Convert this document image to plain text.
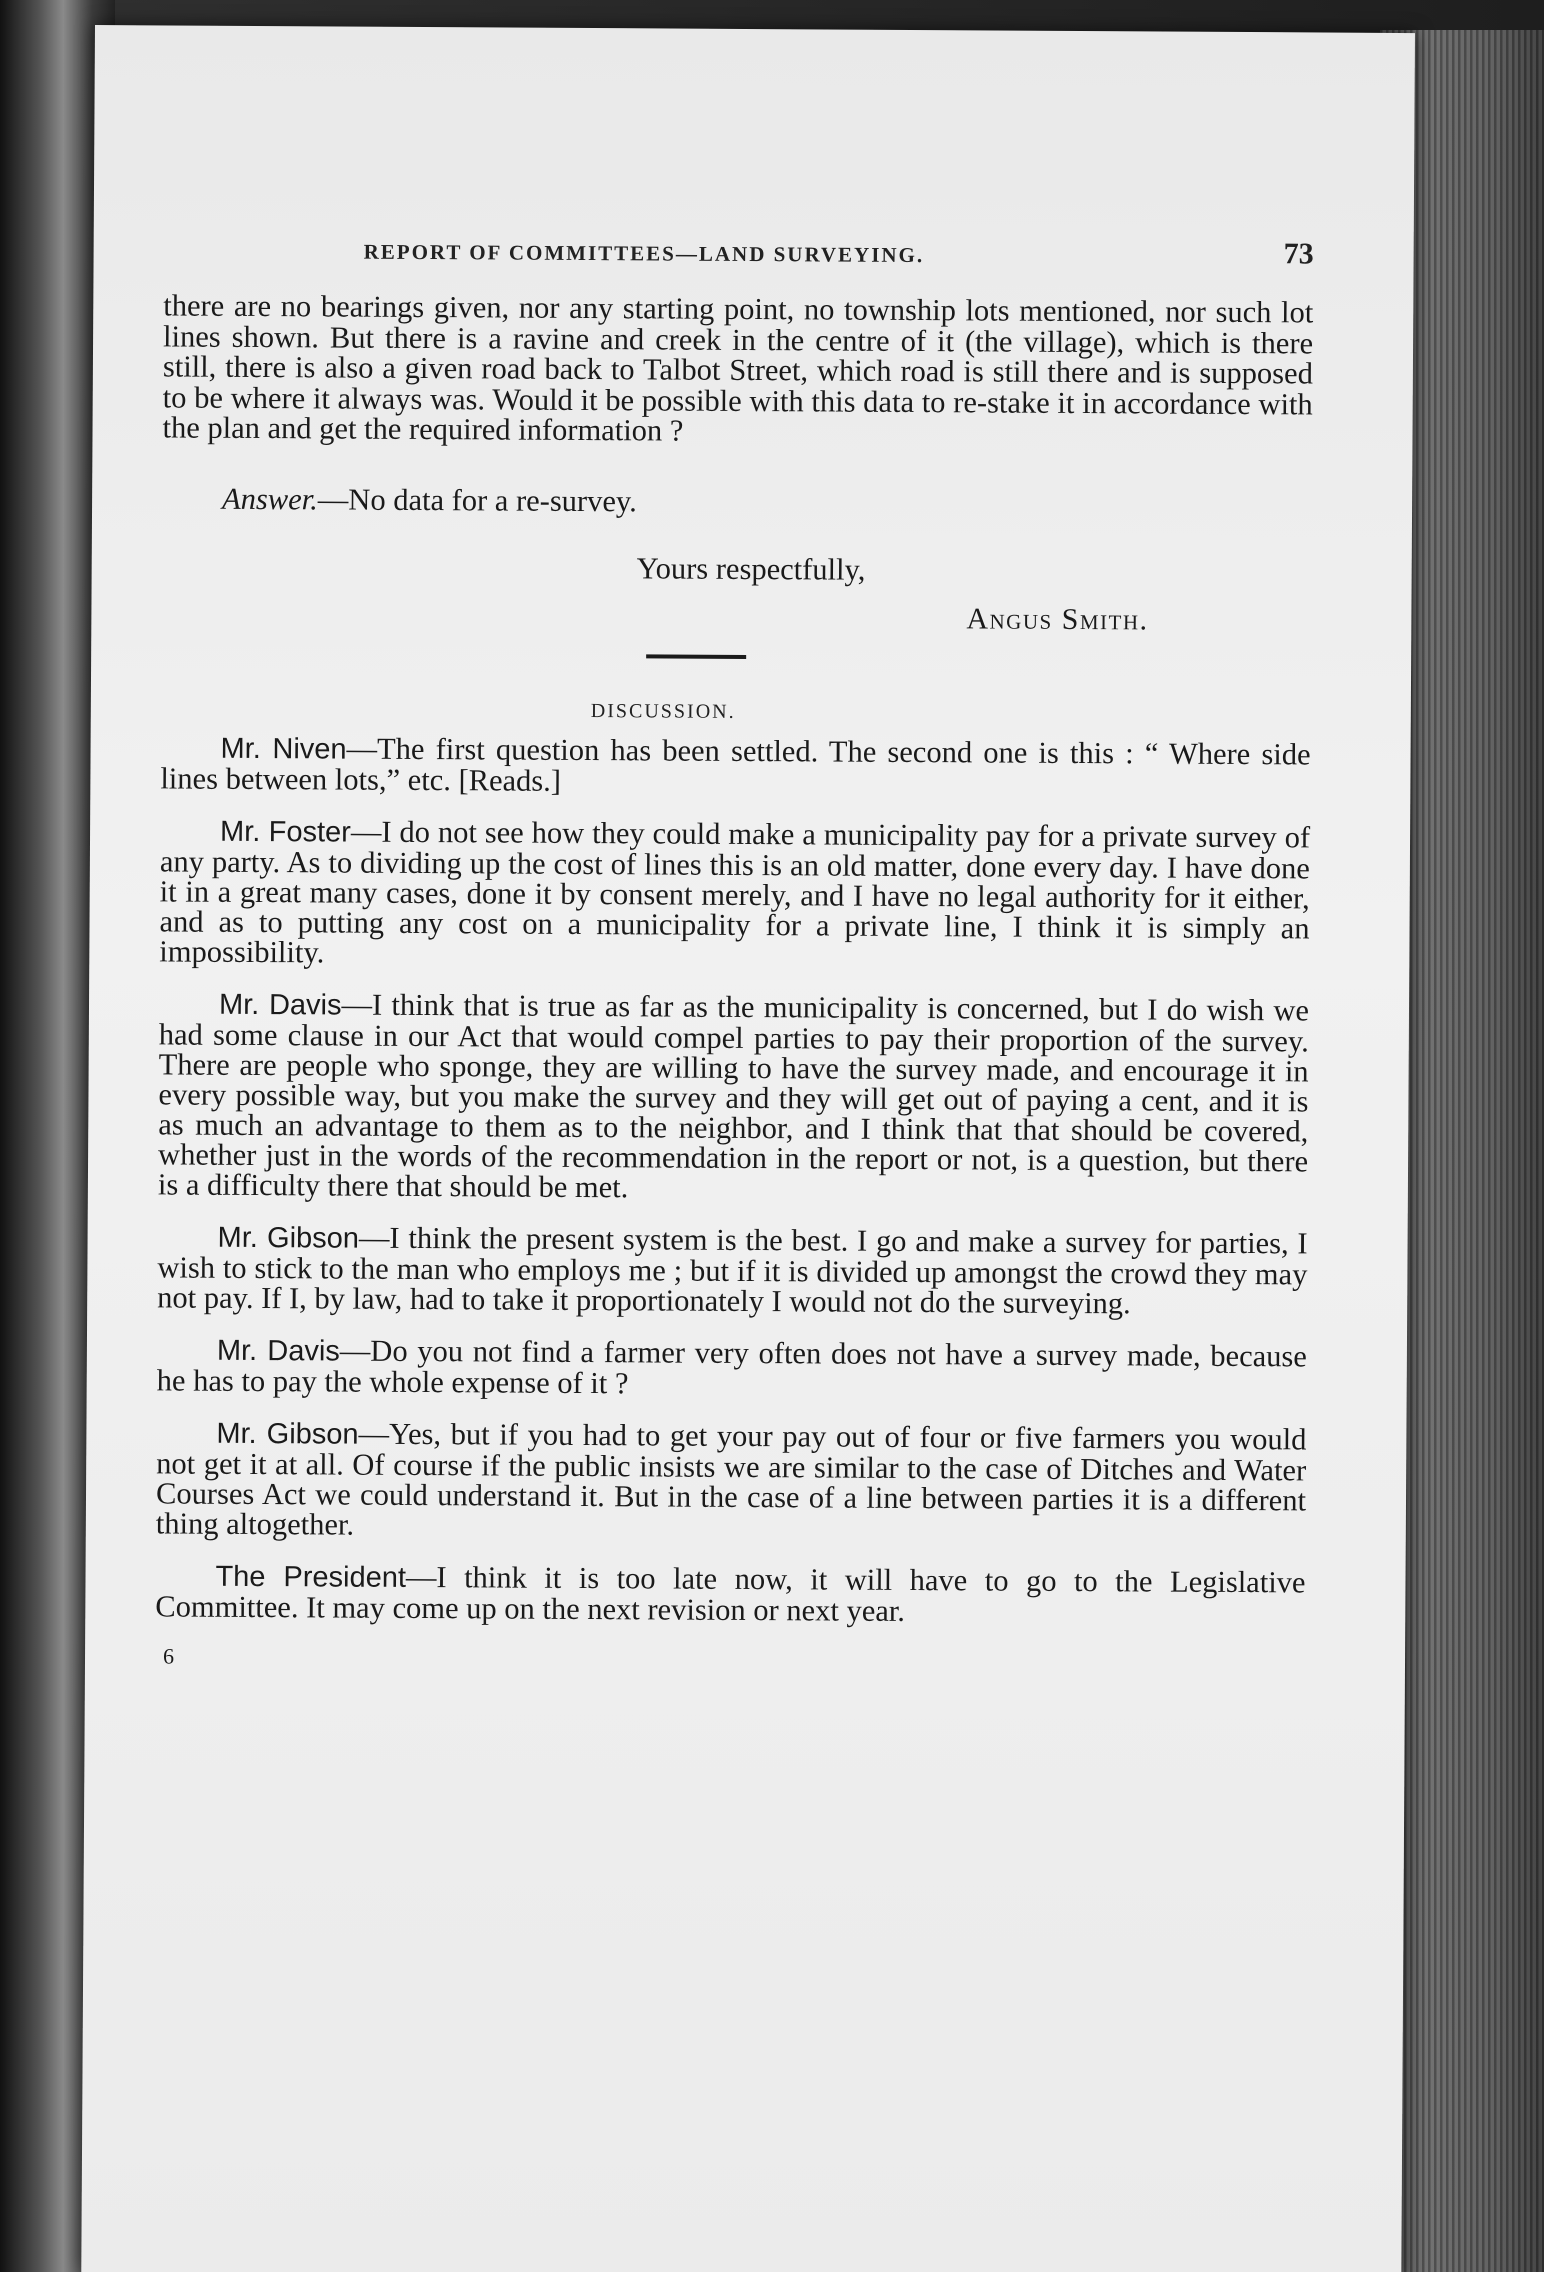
REPORT OF COMMITTEES—LAND SURVEYING.	73

there are no bearings given, nor any starting point, no township lots mentioned, nor such lot lines shown. But there is a ravine and creek in the centre of it (the village), which is there still, there is also a given road back to Talbot Street, which road is still there and is supposed to be where it always was. Would it be possible with this data to re-stake it in accordance with the plan and get the required information ?

Answer.—No data for a re-survey.
Yours respectfully,
Angus Smith.
DISCUSSION.

Mr. Niven—The first question has been settled. The second one is this : “ Where side lines between lots,” etc. [Reads.]

Mr. Foster—I do not see how they could make a municipality pay for a private survey of any party. As to dividing up the cost of lines this is an old matter, done every day. I have done it in a great many cases, done it by consent merely, and I have no legal authority for it either, and as to putting any cost on a municipality for a private line, I think it is simply an impossibility.

Mr. Davis—I think that is true as far as the municipality is concerned, but I do wish we had some clause in our Act that would compel parties to pay their proportion of the survey. There are people who sponge, they are willing to have the survey made, and encourage it in every possible way, but you make the survey and they will get out of paying a cent, and it is as much an advantage to them as to the neighbor, and I think that that should be covered, whether just in the words of the recommendation in the report or not, is a question, but there is a difficulty there that should be met.

Mr. Gibson—I think the present system is the best. I go and make a survey for parties, I wish to stick to the man who employs me ; but if it is divided up amongst the crowd they may not pay. If I, by law, had to take it proportionately I would not do the surveying.

Mr. Davis—Do you not find a farmer very often does not have a survey made, because he has to pay the whole expense of it ?

Mr. Gibson—Yes, but if you had to get your pay out of four or five farmers you would not get it at all. Of course if the public insists we are similar to the case of Ditches and Water Courses Act we could understand it. But in the case of a line between parties it is a different thing altogether.

The President—I think it is too late now, it will have to go to the Legislative Committee. It may come up on the next revision or next year.

6
